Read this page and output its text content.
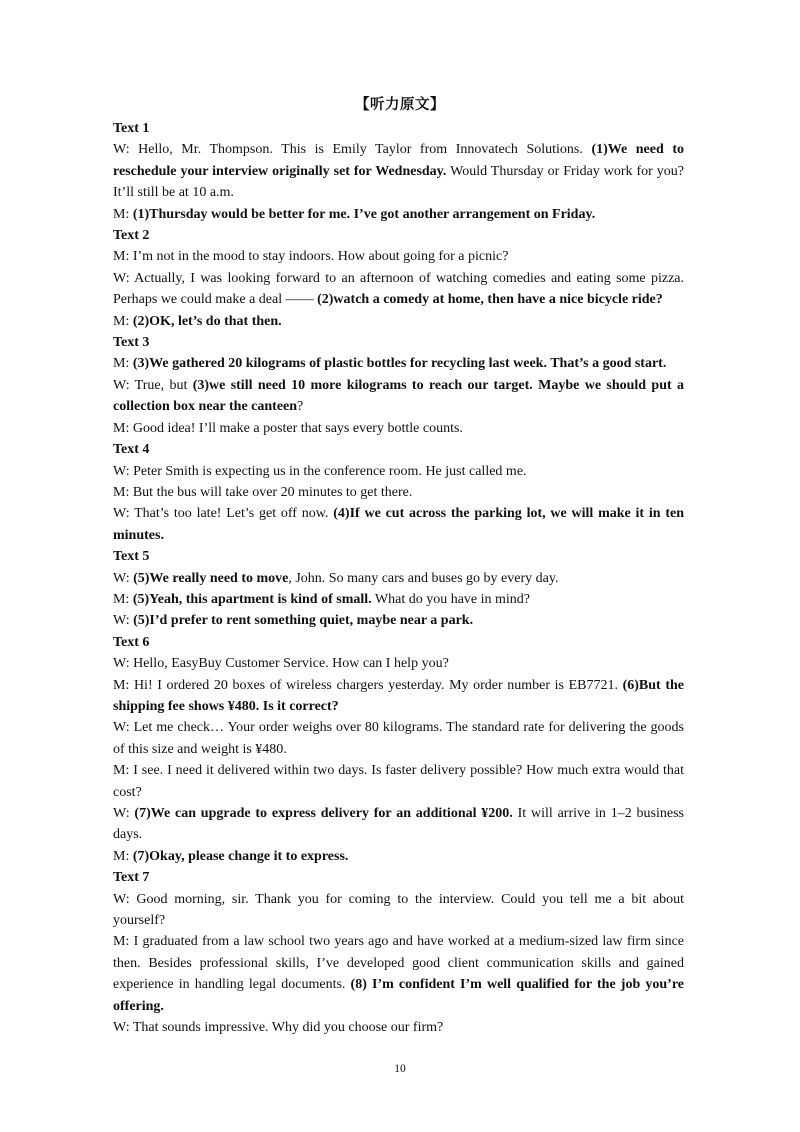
【听力原文】

Text 1

W: Hello, Mr. Thompson. This is Emily Taylor from Innovatech Solutions. (1)We need to reschedule your interview originally set for Wednesday. Would Thursday or Friday work for you? It’ll still be at 10 a.m.

M: (1)Thursday would be better for me. I’ve got another arrangement on Friday.

Text 2

M: I’m not in the mood to stay indoors. How about going for a picnic?

W: Actually, I was looking forward to an afternoon of watching comedies and eating some pizza. Perhaps we could make a deal —— (2)watch a comedy at home, then have a nice bicycle ride?

M: (2)OK, let’s do that then.

Text 3

M: (3)We gathered 20 kilograms of plastic bottles for recycling last week. That’s a good start.

W: True, but (3)we still need 10 more kilograms to reach our target. Maybe we should put a collection box near the canteen?

M: Good idea! I’ll make a poster that says every bottle counts.

Text 4

W: Peter Smith is expecting us in the conference room. He just called me.

M: But the bus will take over 20 minutes to get there.

W: That’s too late! Let’s get off now. (4)If we cut across the parking lot, we will make it in ten minutes.

Text 5

W: (5)We really need to move, John. So many cars and buses go by every day.

M: (5)Yeah, this apartment is kind of small. What do you have in mind?

W: (5)I’d prefer to rent something quiet, maybe near a park.

Text 6

W: Hello, EasyBuy Customer Service. How can I help you?

M: Hi! I ordered 20 boxes of wireless chargers yesterday. My order number is EB7721. (6)But the shipping fee shows ¥480. Is it correct?

W: Let me check… Your order weighs over 80 kilograms. The standard rate for delivering the goods of this size and weight is ¥480.

M: I see. I need it delivered within two days. Is faster delivery possible? How much extra would that cost?

W: (7)We can upgrade to express delivery for an additional ¥200. It will arrive in 1–2 business days.

M: (7)Okay, please change it to express.

Text 7

W: Good morning, sir. Thank you for coming to the interview. Could you tell me a bit about yourself?

M: I graduated from a law school two years ago and have worked at a medium-sized law firm since then. Besides professional skills, I’ve developed good client communication skills and gained experience in handling legal documents. (8) I’m confident I’m well qualified for the job you’re offering.

W: That sounds impressive. Why did you choose our firm?

10
